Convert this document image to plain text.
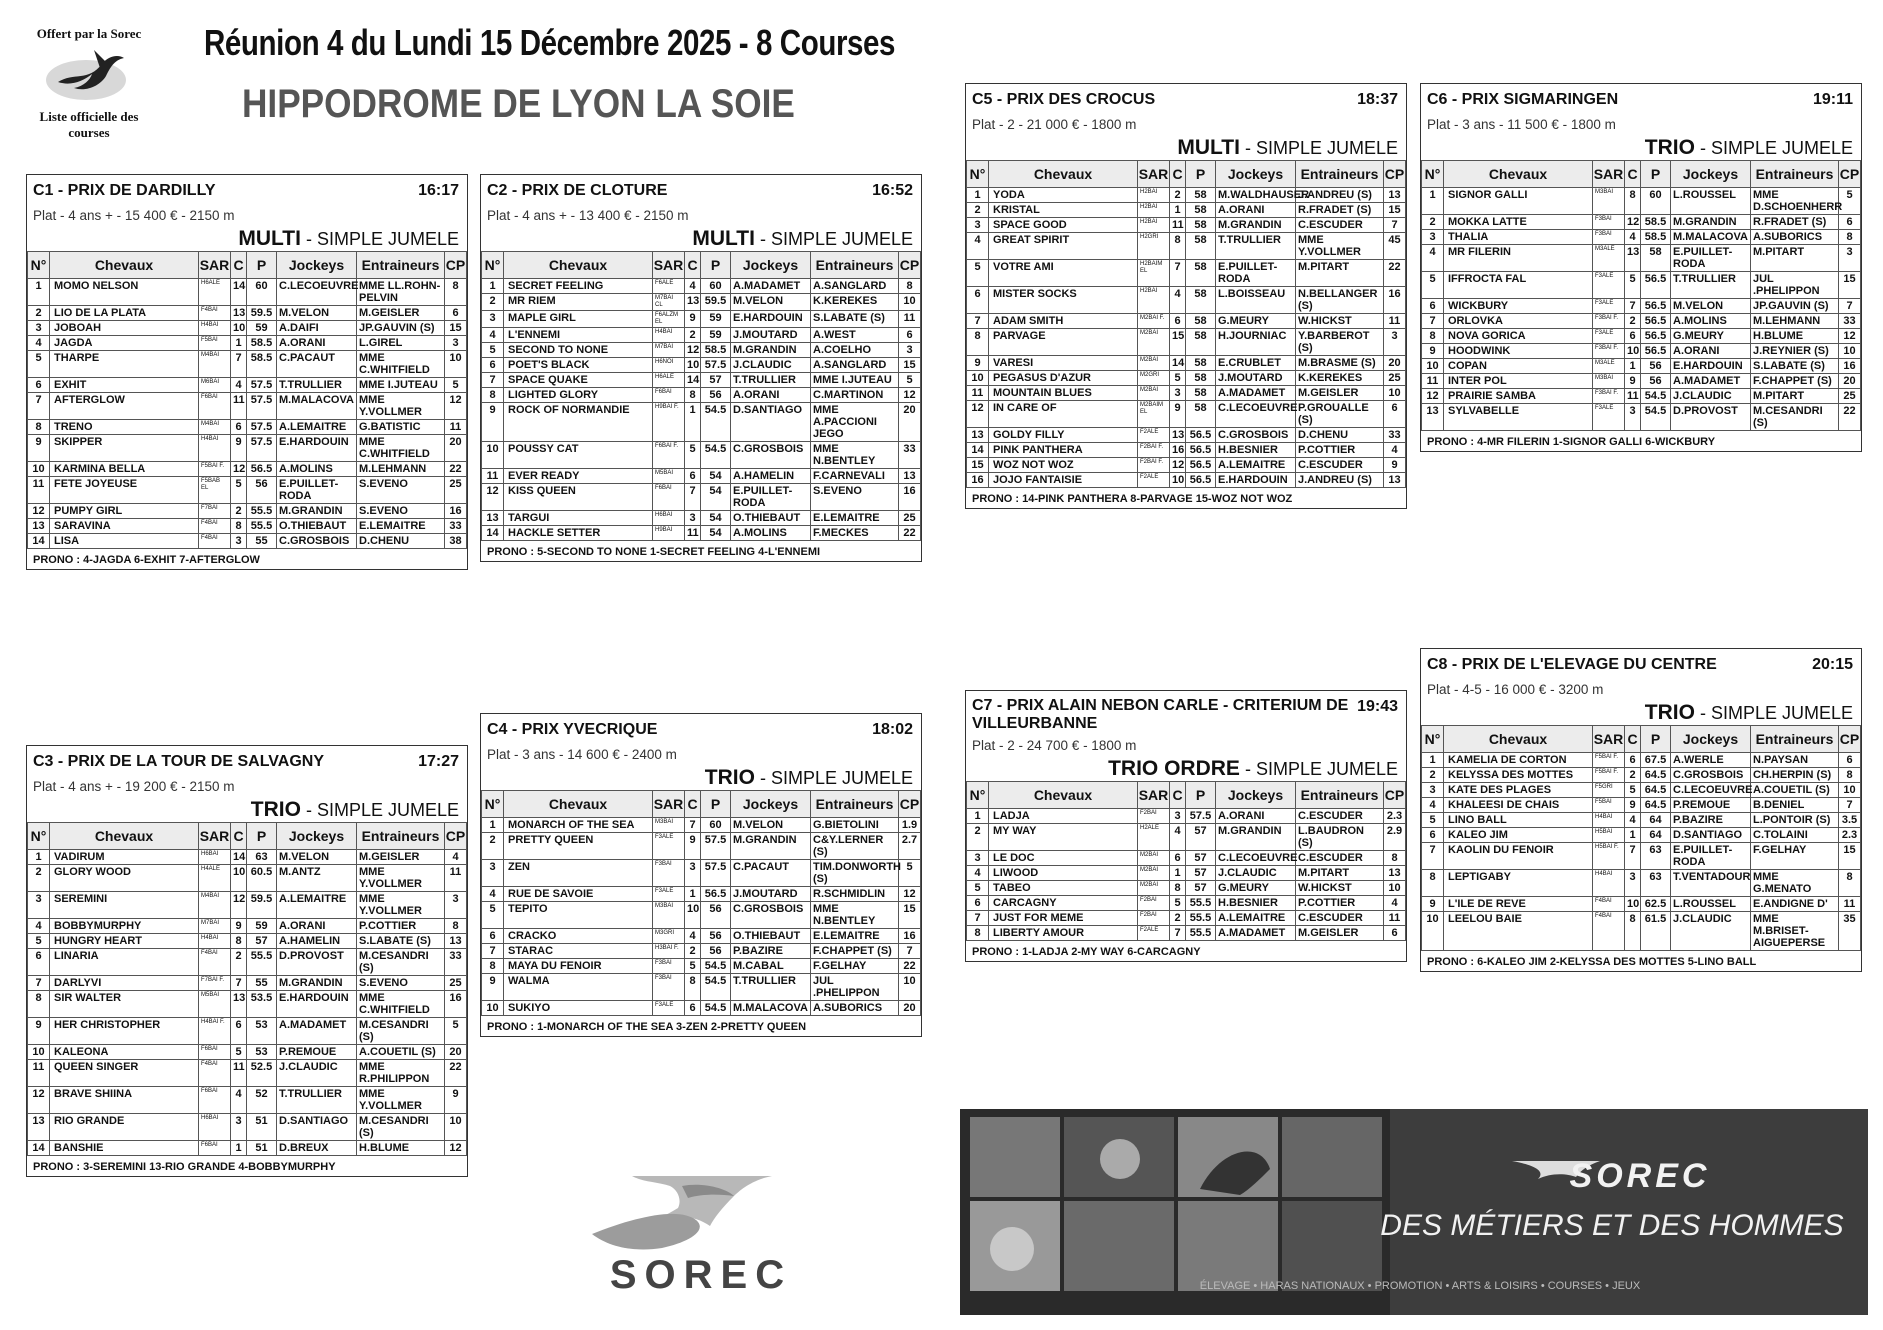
Offert par la Sorec
Liste officielle des courses
Réunion 4 du Lundi 15 Décembre 2025 - 8 Courses
HIPPODROME DE LYON LA SOIE
C1 - PRIX DE DARDILLY	16:17
Plat - 4 ans + - 15 400 € - 2150 m
MULTI - SIMPLE JUMELE
N°	Chevaux	SAR	C	P	Jockeys	Entraineurs	CP
1	MOMO NELSON	H6ALE	14	60	C.LECOEUVRE	MME LL.ROHN-PELVIN	8
2	LIO DE LA PLATA	F4BAI	13	59.5	M.VELON	M.GEISLER	6
3	JOBOAH	H4BAI	10	59	A.DAIFI	JP.GAUVIN (S)	15
4	JAGDA	F5BAI	1	58.5	A.ORANI	L.GIREL	3
5	THARPE	M4BAI	7	58.5	C.PACAUT	MME C.WHITFIELD	10
6	EXHIT	M6BAI	4	57.5	T.TRULLIER	MME I.JUTEAU	5
7	AFTERGLOW	F6BAI	11	57.5	M.MALACOVA	MME Y.VOLLMER	12
8	TRENO	M4BAI	6	57.5	A.LEMAITRE	G.BATISTIC	11
9	SKIPPER	H4BAI	9	57.5	E.HARDOUIN	MME C.WHITFIELD	20
10	KARMINA BELLA	F5BAI F.	12	56.5	A.MOLINS	M.LEHMANN	22
11	FETE JOYEUSE	F5BAB EL	5	56	E.PUILLET-RODA	S.EVENO	25
12	PUMPY GIRL	F7BAI	2	55.5	M.GRANDIN	S.EVENO	16
13	SARAVINA	F4BAI	8	55.5	O.THIEBAUT	E.LEMAITRE	33
14	LISA	F4BAI	3	55	C.GROSBOIS	D.CHENU	38
PRONO : 4-JAGDA 6-EXHIT 7-AFTERGLOW
C2 - PRIX DE CLOTURE	16:52
Plat - 4 ans + - 13 400 € - 2150 m
MULTI - SIMPLE JUMELE
N°	Chevaux	SAR	C	P	Jockeys	Entraineurs	CP
1	SECRET FEELING	F6ALE	4	60	A.MADAMET	A.SANGLARD	8
2	MR RIEM	M7BAI CL	13	59.5	M.VELON	K.KEREKES	10
3	MAPLE GIRL	F6ALZM EL	9	59	E.HARDOUIN	S.LABATE (S)	11
4	L'ENNEMI	H4BAI	2	59	J.MOUTARD	A.WEST	6
5	SECOND TO NONE	M7BAI	12	58.5	M.GRANDIN	A.COELHO	3
6	POET'S BLACK	H6NOI	10	57.5	J.CLAUDIC	A.SANGLARD	15
7	SPACE QUAKE	H6ALE	14	57	T.TRULLIER	MME I.JUTEAU	5
8	LIGHTED GLORY	F6BAI	8	56	A.ORANI	C.MARTINON	12
9	ROCK OF NORMANDIE	H9BAI F.	1	54.5	D.SANTIAGO	MME A.PACCIONI JEGO	20
10	POUSSY CAT	F6BAI F.	5	54.5	C.GROSBOIS	MME N.BENTLEY	33
11	EVER READY	M5BAI	6	54	A.HAMELIN	F.CARNEVALI	13
12	KISS QUEEN	F6BAI	7	54	E.PUILLET-RODA	S.EVENO	16
13	TARGUI	H6BAI	3	54	O.THIEBAUT	E.LEMAITRE	25
14	HACKLE SETTER	H9BAI	11	54	A.MOLINS	F.MECKES	22
PRONO : 5-SECOND TO NONE 1-SECRET FEELING 4-L'ENNEMI
C3 - PRIX DE LA TOUR DE SALVAGNY	17:27
Plat - 4 ans + - 19 200 € - 2150 m
TRIO - SIMPLE JUMELE
N°	Chevaux	SAR	C	P	Jockeys	Entraineurs	CP
1	VADIRUM	H6BAI	14	63	M.VELON	M.GEISLER	4
2	GLORY WOOD	H4ALE	10	60.5	M.ANTZ	MME Y.VOLLMER	11
3	SEREMINI	M4BAI	12	59.5	A.LEMAITRE	MME Y.VOLLMER	3
4	BOBBYMURPHY	M7BAI	9	59	A.ORANI	P.COTTIER	8
5	HUNGRY HEART	H4BAI	8	57	A.HAMELIN	S.LABATE (S)	13
6	LINARIA	F4BAI	2	55.5	D.PROVOST	M.CESANDRI (S)	33
7	DARLYVI	F7BAI F.	7	55	M.GRANDIN	S.EVENO	25
8	SIR WALTER	M5BAI	13	53.5	E.HARDOUIN	MME C.WHITFIELD	16
9	HER CHRISTOPHER	H4BAI F.	6	53	A.MADAMET	M.CESANDRI (S)	5
10	KALEONA	F6BAI	5	53	P.REMOUE	A.COUETIL (S)	20
11	QUEEN SINGER	F4BAI	11	52.5	J.CLAUDIC	MME R.PHILIPPON	22
12	BRAVE SHIINA	F6BAI	4	52	T.TRULLIER	MME Y.VOLLMER	9
13	RIO GRANDE	H6BAI	3	51	D.SANTIAGO	M.CESANDRI (S)	10
14	BANSHIE	F6BAI	1	51	D.BREUX	H.BLUME	12
PRONO : 3-SEREMINI 13-RIO GRANDE 4-BOBBYMURPHY
C4 - PRIX YVECRIQUE	18:02
Plat - 3 ans - 14 600 € - 2400 m
TRIO - SIMPLE JUMELE
N°	Chevaux	SAR	C	P	Jockeys	Entraineurs	CP
1	MONARCH OF THE SEA	M3BAI	7	60	M.VELON	G.BIETOLINI	1.9
2	PRETTY QUEEN	F3ALE	9	57.5	M.GRANDIN	C&Y.LERNER (S)	2.7
3	ZEN	F3BAI	3	57.5	C.PACAUT	TIM.DONWORTH (S)	5
4	RUE DE SAVOIE	F3ALE	1	56.5	J.MOUTARD	R.SCHMIDLIN	12
5	TEPITO	M3BAI	10	56	C.GROSBOIS	MME N.BENTLEY	15
6	CRACKO	M3GRI	4	56	O.THIEBAUT	E.LEMAITRE	16
7	STARAC	H3BAI F.	2	56	P.BAZIRE	F.CHAPPET (S)	7
8	MAYA DU FENOIR	F3BAI	5	54.5	M.CABAL	F.GELHAY	22
9	WALMA	F3BAI	8	54.5	T.TRULLIER	JUL .PHELIPPON	10
10	SUKIYO	F3ALE	6	54.5	M.MALACOVA	A.SUBORICS	20
PRONO : 1-MONARCH OF THE SEA 3-ZEN 2-PRETTY QUEEN
C5 - PRIX DES CROCUS	18:37
Plat - 2 - 21 000 € - 1800 m
MULTI - SIMPLE JUMELE
N°	Chevaux	SAR	C	P	Jockeys	Entraineurs	CP
1	YODA	H2BAI	2	58	M.WALDHAUSER	J.ANDREU (S)	13
2	KRISTAL	H2BAI	1	58	A.ORANI	R.FRADET (S)	15
3	SPACE GOOD	H2BAI	11	58	M.GRANDIN	C.ESCUDER	7
4	GREAT SPIRIT	H2GRI	8	58	T.TRULLIER	MME Y.VOLLMER	45
5	VOTRE AMI	H2BAIM EL	7	58	E.PUILLET-RODA	M.PITART	22
6	MISTER SOCKS	H2BAI	4	58	L.BOISSEAU	N.BELLANGER (S)	16
7	ADAM SMITH	M2BAI F.	6	58	G.MEURY	W.HICKST	11
8	PARVAGE	M2BAI	15	58	H.JOURNIAC	Y.BARBEROT (S)	3
9	VARESI	M2BAI	14	58	E.CRUBLET	M.BRASME (S)	20
10	PEGASUS D'AZUR	M2GRI	5	58	J.MOUTARD	K.KEREKES	25
11	MOUNTAIN BLUES	M2BAI	3	58	A.MADAMET	M.GEISLER	10
12	IN CARE OF	M2BAIM EL	9	58	C.LECOEUVRE	P.GROUALLE (S)	6
13	GOLDY FILLY	F2ALE	13	56.5	C.GROSBOIS	D.CHENU	33
14	PINK PANTHERA	F2BAI F.	16	56.5	H.BESNIER	P.COTTIER	4
15	WOZ NOT WOZ	F2BAI F.	12	56.5	A.LEMAITRE	C.ESCUDER	9
16	JOJO FANTAISIE	F2ALE	10	56.5	E.HARDOUIN	J.ANDREU (S)	13
PRONO : 14-PINK PANTHERA 8-PARVAGE 15-WOZ NOT WOZ
C6 - PRIX SIGMARINGEN	19:11
Plat - 3 ans - 11 500 € - 1800 m
TRIO - SIMPLE JUMELE
N°	Chevaux	SAR	C	P	Jockeys	Entraineurs	CP
1	SIGNOR GALLI	M3BAI	8	60	L.ROUSSEL	MME D.SCHOENHERR	5
2	MOKKA LATTE	F3BAI	12	58.5	M.GRANDIN	R.FRADET (S)	6
3	THALIA	F3BAI	4	58.5	M.MALACOVA	A.SUBORICS	8
4	MR FILERIN	M3ALE	13	58	E.PUILLET-RODA	M.PITART	3
5	IFFROCTA FAL	F3ALE	5	56.5	T.TRULLIER	JUL .PHELIPPON	15
6	WICKBURY	F3ALE	7	56.5	M.VELON	JP.GAUVIN (S)	7
7	ORLOVKA	F3BAI F.	2	56.5	A.MOLINS	M.LEHMANN	33
8	NOVA GORICA	F3ALE	6	56.5	G.MEURY	H.BLUME	12
9	HOODWINK	F3BAI F.	10	56.5	A.ORANI	J.REYNIER (S)	10
10	COPAN	M3ALE	1	56	E.HARDOUIN	S.LABATE (S)	16
11	INTER POL	M3BAI	9	56	A.MADAMET	F.CHAPPET (S)	20
12	PRAIRIE SAMBA	F3BAI F.	11	54.5	J.CLAUDIC	M.PITART	25
13	SYLVABELLE	F3ALE	3	54.5	D.PROVOST	M.CESANDRI (S)	22
PRONO : 4-MR FILERIN 1-SIGNOR GALLI 6-WICKBURY
C7 - PRIX ALAIN NEBON CARLE - CRITERIUM DE VILLEURBANNE
19:43
Plat - 2 - 24 700 € - 1800 m
TRIO ORDRE - SIMPLE JUMELE
N°	Chevaux	SAR	C	P	Jockeys	Entraineurs	CP
1	LADJA	F2BAI	3	57.5	A.ORANI	C.ESCUDER	2.3
2	MY WAY	H2ALE	4	57	M.GRANDIN	L.BAUDRON (S)	2.9
3	LE DOC	M2BAI	6	57	C.LECOEUVRE	C.ESCUDER	8
4	LIWOOD	M2BAI	1	57	J.CLAUDIC	M.PITART	13
5	TABEO	M2BAI	8	57	G.MEURY	W.HICKST	10
6	CARCAGNY	F2BAI	5	55.5	H.BESNIER	P.COTTIER	4
7	JUST FOR MEME	F2BAI	2	55.5	A.LEMAITRE	C.ESCUDER	11
8	LIBERTY AMOUR	F2ALE	7	55.5	A.MADAMET	M.GEISLER	6
PRONO : 1-LADJA 2-MY WAY 6-CARCAGNY
C8 - PRIX DE L'ELEVAGE DU CENTRE	20:15
Plat - 4-5 - 16 000 € - 3200 m
TRIO - SIMPLE JUMELE
N°	Chevaux	SAR	C	P	Jockeys	Entraineurs	CP
1	KAMELIA DE CORTON	F5BAI F.	6	67.5	A.WERLE	N.PAYSAN	6
2	KELYSSA DES MOTTES	F5BAI F.	2	64.5	C.GROSBOIS	CH.HERPIN (S)	8
3	KATE DES PLAGES	F5GRI	5	64.5	C.LECOEUVRE	A.COUETIL (S)	10
4	KHALEESI DE CHAIS	F5BAI	9	64.5	P.REMOUE	B.DENIEL	7
5	LINO BALL	H4BAI	4	64	P.BAZIRE	L.PONTOIR (S)	3.5
6	KALEO JIM	H5BAI	1	64	D.SANTIAGO	C.TOLAINI	2.3
7	KAOLIN DU FENOIR	H5BAI F.	7	63	E.PUILLET-RODA	F.GELHAY	15
8	LEPTIGABY	H4BAI	3	63	T.VENTADOUR	MME G.MENATO	8
9	L'ILE DE REVE	F4BAI	10	62.5	L.ROUSSEL	E.ANDIGNE D'	11
10	LEELOU BAIE	F4BAI	8	61.5	J.CLAUDIC	MME M.BRISET-AIGUEPERSE	35
PRONO : 6-KALEO JIM 2-KELYSSA DES MOTTES 5-LINO BALL
SOREC
SOREC
DES MÉTIERS ET DES HOMMES
ÉLEVAGE • HARAS NATIONAUX • PROMOTION • ARTS & LOISIRS • COURSES • JEUX
